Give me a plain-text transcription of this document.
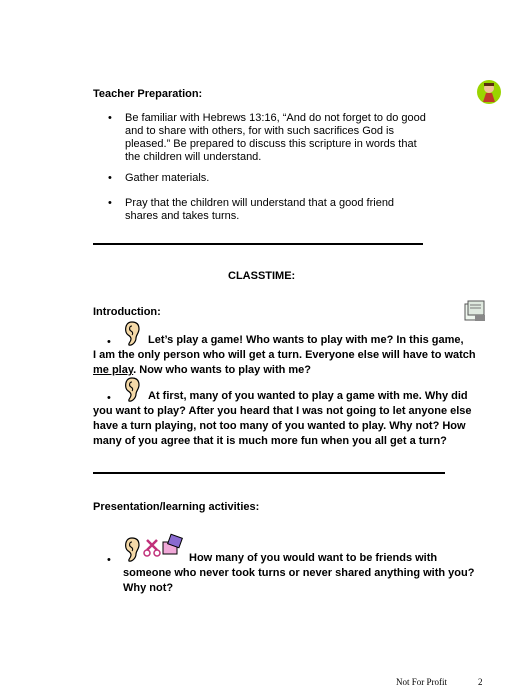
Teacher Preparation:
• Be familiar with Hebrews 13:16, “And do not forget to do good and to share with others, for with such sacrifices God is pleased.” Be prepared to discuss this scripture in words that the children will understand.
• Gather materials.
• Pray that the children will understand that a good friend shares and takes turns.
CLASSTIME:
Introduction:
•	Let’s play a game! Who wants to play with me? In this game,
I am the only person who will get a turn. Everyone else will have to watch
me play. Now who wants to play with me?
•	At first, many of you wanted to play a game with me. Why did
you want to play? After you heard that I was not going to let anyone else
have a turn playing, not too many of you wanted to play. Why not? How
many of you agree that it is much more fun when you all get a turn?
Presentation/learning activities:
•	How many of you would want to be friends with
someone who never took turns or never shared anything with you?
Why not?
Not For Profit	2
